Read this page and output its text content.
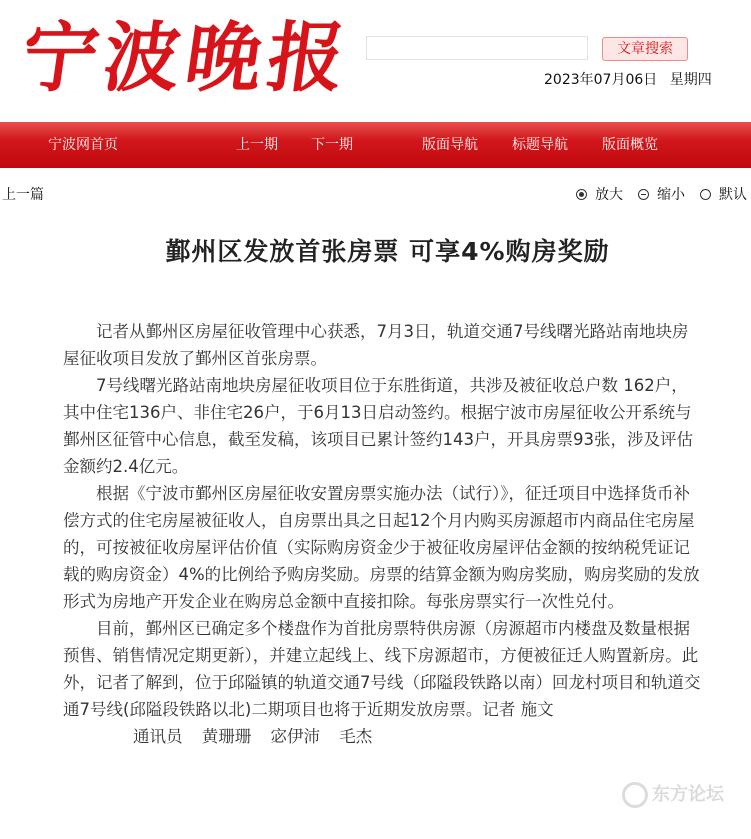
宁波晚报	文章搜索
2023年07月06日 星期四
宁波网首页	上一期 下一期	版面导航 标题导航 版面概览
上一篇	放大 缩小 默认
鄞州区发放首张房票 可享4%购房奖励

记者从鄞州区房屋征收管理中心获悉，7月3日，轨道交通7号线曙光路站南地块房屋征收项目发放了鄞州区首张房票。

7号线曙光路站南地块房屋征收项目位于东胜街道，共涉及被征收总户数 162户，其中住宅136户、非住宅26户，于6月13日启动签约。根据宁波市房屋征收公开系统与鄞州区征管中心信息，截至发稿，该项目已累计签约143户，开具房票93张，涉及评估金额约2.4亿元。

根据《宁波市鄞州区房屋征收安置房票实施办法（试行）》，征迁项目中选择货币补偿方式的住宅房屋被征收人，自房票出具之日起12个月内购买房源超市内商品住宅房屋的，可按被征收房屋评估价值（实际购房资金少于被征收房屋评估金额的按纳税凭证记载的购房资金）4%的比例给予购房奖励。房票的结算金额为购房奖励，购房奖励的发放形式为房地产开发企业在购房总金额中直接扣除。每张房票实行一次性兑付。

目前，鄞州区已确定多个楼盘作为首批房票特供房源（房源超市内楼盘及数量根据预售、销售情况定期更新），并建立起线上、线下房源超市，方便被征迁人购置新房。此外，记者了解到，位于邱隘镇的轨道交通7号线（邱隘段铁路以南）回龙村项目和轨道交通7号线(邱隘段铁路以北)二期项目也将于近期发放房票。记者 施文

通讯员 黄珊珊 宓伊沛 毛杰

东方论坛
